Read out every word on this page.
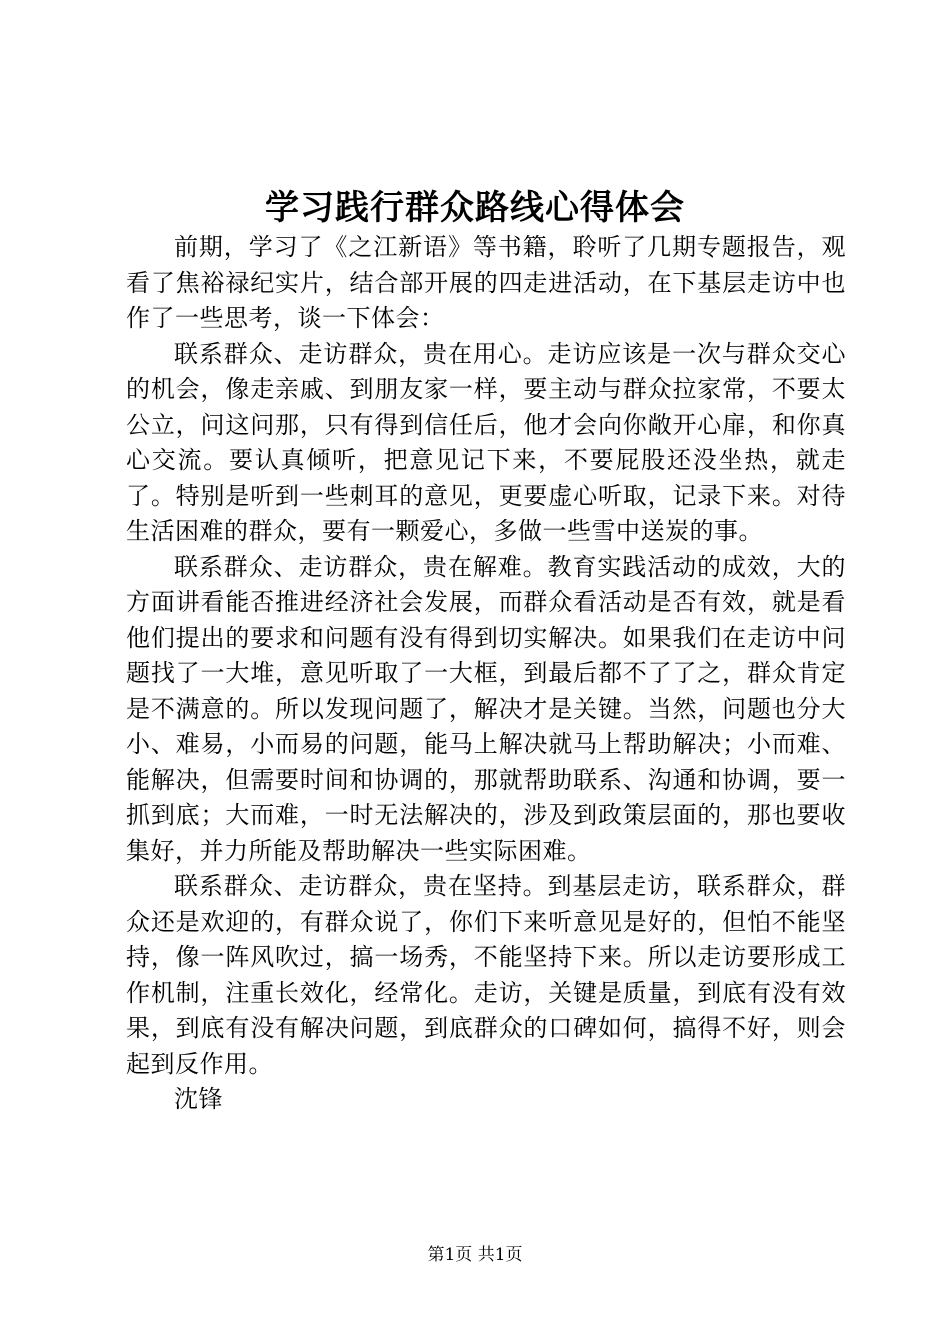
学习践行群众路线心得体会

前期，学习了《之江新语》等书籍，聆听了几期专题报告，观看了焦裕禄纪实片，结合部开展的四走进活动，在下基层走访中也作了一些思考，谈一下体会：

联系群众、走访群众，贵在用心。走访应该是一次与群众交心的机会，像走亲戚、到朋友家一样，要主动与群众拉家常，不要太公立，问这问那，只有得到信任后，他才会向你敞开心扉，和你真心交流。要认真倾听，把意见记下来，不要屁股还没坐热，就走了。特别是听到一些刺耳的意见，更要虚心听取，记录下来。对待生活困难的群众，要有一颗爱心，多做一些雪中送炭的事。

联系群众、走访群众，贵在解难。教育实践活动的成效，大的方面讲看能否推进经济社会发展，而群众看活动是否有效，就是看他们提出的要求和问题有没有得到切实解决。如果我们在走访中问题找了一大堆，意见听取了一大框，到最后都不了了之，群众肯定是不满意的。所以发现问题了，解决才是关键。当然，问题也分大小、难易，小而易的问题，能马上解决就马上帮助解决；小而难、能解决，但需要时间和协调的，那就帮助联系、沟通和协调，要一抓到底；大而难，一时无法解决的，涉及到政策层面的，那也要收集好，并力所能及帮助解决一些实际困难。

联系群众、走访群众，贵在坚持。到基层走访，联系群众，群众还是欢迎的，有群众说了，你们下来听意见是好的，但怕不能坚持，像一阵风吹过，搞一场秀，不能坚持下来。所以走访要形成工作机制，注重长效化，经常化。走访，关键是质量，到底有没有效果，到底有没有解决问题，到底群众的口碑如何，搞得不好，则会起到反作用。

沈锋

第1页 共1页
